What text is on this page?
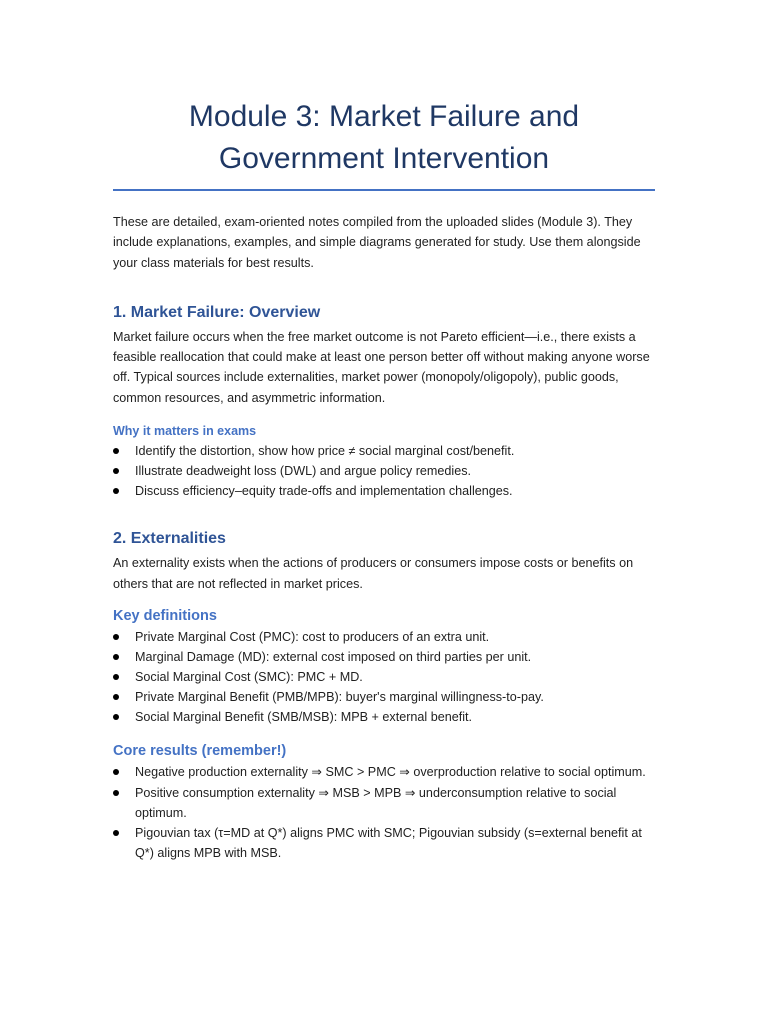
Module 3: Market Failure and Government Intervention

These are detailed, exam-oriented notes compiled from the uploaded slides (Module 3). They include explanations, examples, and simple diagrams generated for study. Use them alongside your class materials for best results.

1. Market Failure: Overview

Market failure occurs when the free market outcome is not Pareto efficient—i.e., there exists a feasible reallocation that could make at least one person better off without making anyone worse off. Typical sources include externalities, market power (monopoly/oligopoly), public goods, common resources, and asymmetric information.

Why it matters in exams
Identify the distortion, show how price ≠ social marginal cost/benefit.
Illustrate deadweight loss (DWL) and argue policy remedies.
Discuss efficiency–equity trade-offs and implementation challenges.
2. Externalities

An externality exists when the actions of producers or consumers impose costs or benefits on others that are not reflected in market prices.

Key definitions
Private Marginal Cost (PMC): cost to producers of an extra unit.
Marginal Damage (MD): external cost imposed on third parties per unit.
Social Marginal Cost (SMC): PMC + MD.
Private Marginal Benefit (PMB/MPB): buyer's marginal willingness-to-pay.
Social Marginal Benefit (SMB/MSB): MPB + external benefit.
Core results (remember!)
Negative production externality ⇒ SMC > PMC ⇒ overproduction relative to social optimum.
Positive consumption externality ⇒ MSB > MPB ⇒ underconsumption relative to social optimum.
Pigouvian tax (τ=MD at Q*) aligns PMC with SMC; Pigouvian subsidy (s=external benefit at Q*) aligns MPB with MSB.
